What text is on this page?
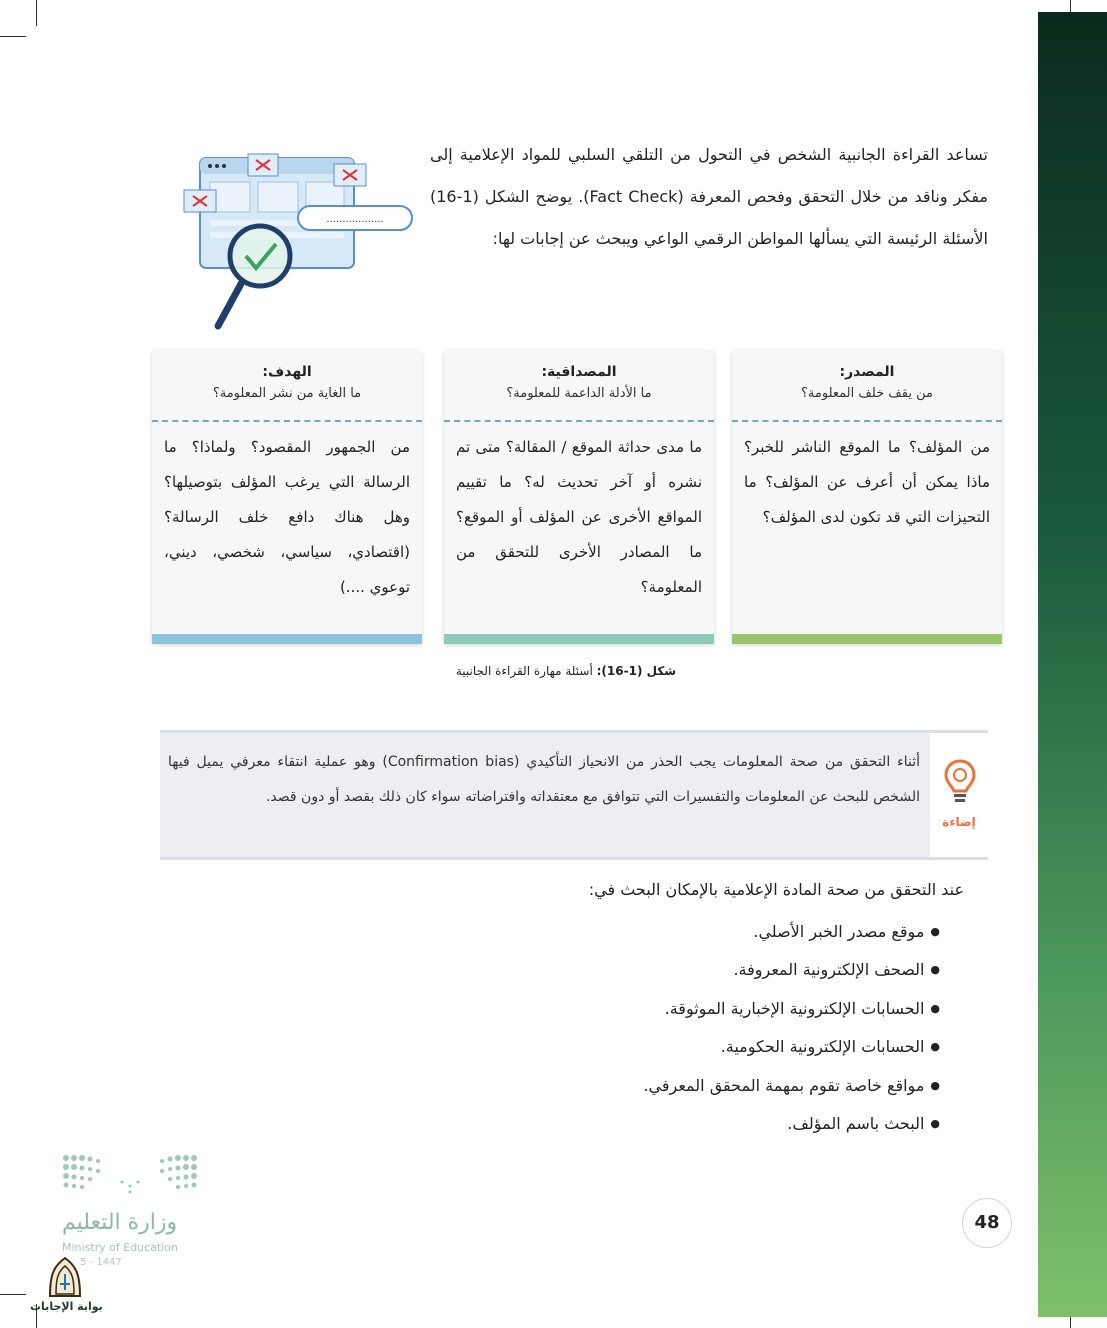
..................
تساعد القراءة الجانبية الشخص في التحول من التلقي السلبي للمواد الإعلامية إلى مفكر وناقد من خلال التحقق وفحص المعرفة (Fact Check). يوضح الشكل (1-16) الأسئلة الرئيسة التي يسألها المواطن الرقمي الواعي ويبحث عن إجابات لها:
المصدر:
من يقف خلف المعلومة؟
من المؤلف؟ ما الموقع الناشر للخبر؟ ماذا يمكن أن أعرف عن المؤلف؟ ما التحيزات التي قد تكون لدى المؤلف؟
المصداقية:
ما الأدلة الداعمة للمعلومة؟
ما مدى حداثة الموقع / المقالة؟ متى تم نشره أو آخر تحديث له؟ ما تقييم المواقع الأخرى عن المؤلف أو الموقع؟ ما المصادر الأخرى للتحقق من المعلومة؟
الهدف:
ما الغاية من نشر المعلومة؟
من الجمهور المقصود؟ ولماذا؟ ما الرسالة التي يرغب المؤلف بتوصيلها؟ وهل هناك دافع خلف الرسالة؟ (اقتصادي، سياسي، شخصي، ديني، توعوي ....)
شكل (1-16): أسئلة مهارة القراءة الجانبية
إضاءة
أثناء التحقق من صحة المعلومات يجب الحذر من الانحياز التأكيدي (Confirmation bias) وهو عملية انتقاء معرفي يميل فيها الشخص للبحث عن المعلومات والتفسيرات التي تتوافق مع معتقداته وافتراضاته سواء كان ذلك بقصد أو دون قصد.
عند التحقق من صحة المادة الإعلامية بالإمكان البحث في:
● موقع مصدر الخبر الأصلي.
● الصحف الإلكترونية المعروفة.
● الحسابات الإلكترونية الإخبارية الموثوقة.
● الحسابات الإلكترونية الحكومية.
● مواقع خاصة تقوم بمهمة المحقق المعرفي.
● البحث باسم المؤلف.
48
وزارة التعليم
Ministry of Education
5 - 1447
بوابة الإجابات
